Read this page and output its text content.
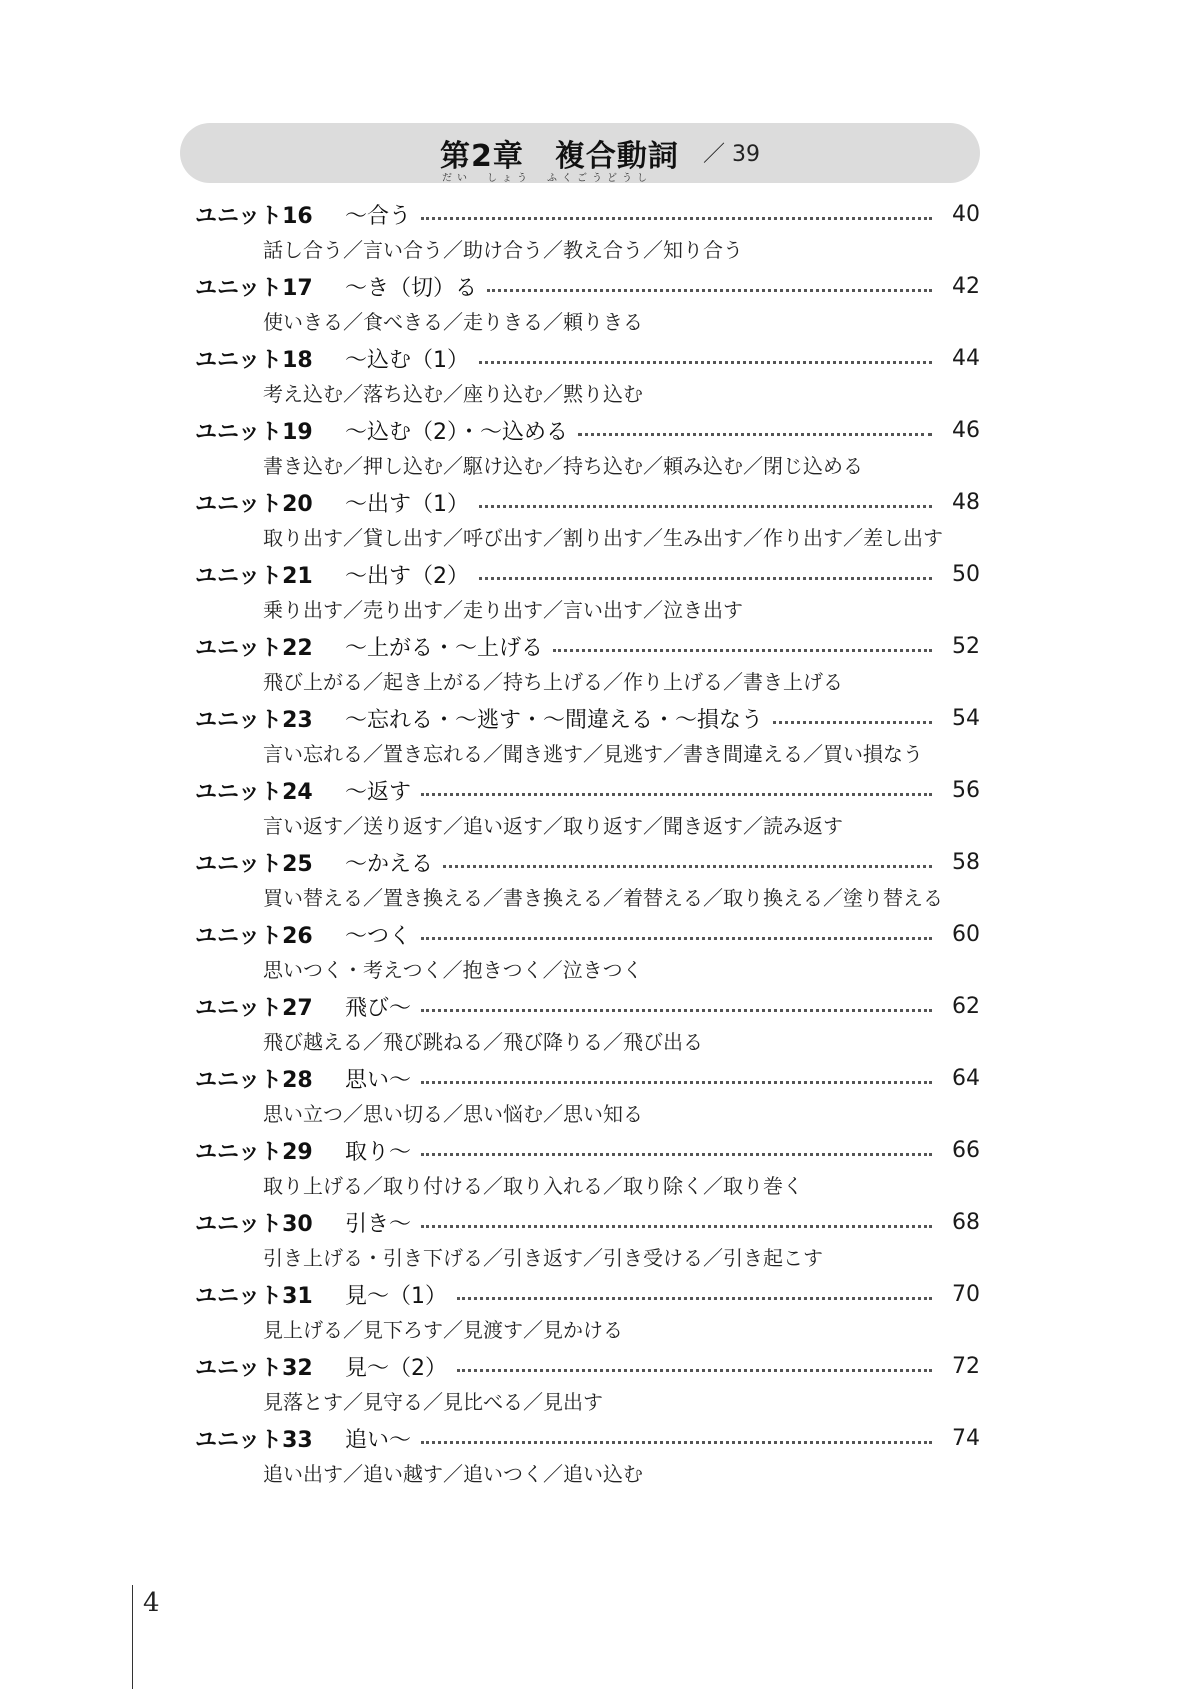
第2章　複合動詞 ／ 39
だい　しょう　ふくごうどうし
ユニット16	～合う	40
話し合う／言い合う／助け合う／教え合う／知り合う
ユニット17	～き（切）る	42
使いきる／食べきる／走りきる／頼りきる
ユニット18	～込む（1）	44
考え込む／落ち込む／座り込む／黙り込む
ユニット19	～込む（2）・～込める	46
書き込む／押し込む／駆け込む／持ち込む／頼み込む／閉じ込める
ユニット20	～出す（1）	48
取り出す／貸し出す／呼び出す／割り出す／生み出す／作り出す／差し出す
ユニット21	～出す（2）	50
乗り出す／売り出す／走り出す／言い出す／泣き出す
ユニット22	～上がる・～上げる	52
飛び上がる／起き上がる／持ち上げる／作り上げる／書き上げる
ユニット23	～忘れる・～逃す・～間違える・～損なう	54
言い忘れる／置き忘れる／聞き逃す／見逃す／書き間違える／買い損なう
ユニット24	～返す	56
言い返す／送り返す／追い返す／取り返す／聞き返す／読み返す
ユニット25	～かえる	58
買い替える／置き換える／書き換える／着替える／取り換える／塗り替える
ユニット26	～つく	60
思いつく・考えつく／抱きつく／泣きつく
ユニット27	飛び～	62
飛び越える／飛び跳ねる／飛び降りる／飛び出る
ユニット28	思い～	64
思い立つ／思い切る／思い悩む／思い知る
ユニット29	取り～	66
取り上げる／取り付ける／取り入れる／取り除く／取り巻く
ユニット30	引き～	68
引き上げる・引き下げる／引き返す／引き受ける／引き起こす
ユニット31	見～（1）	70
見上げる／見下ろす／見渡す／見かける
ユニット32	見～（2）	72
見落とす／見守る／見比べる／見出す
ユニット33	追い～	74
追い出す／追い越す／追いつく／追い込む
4
